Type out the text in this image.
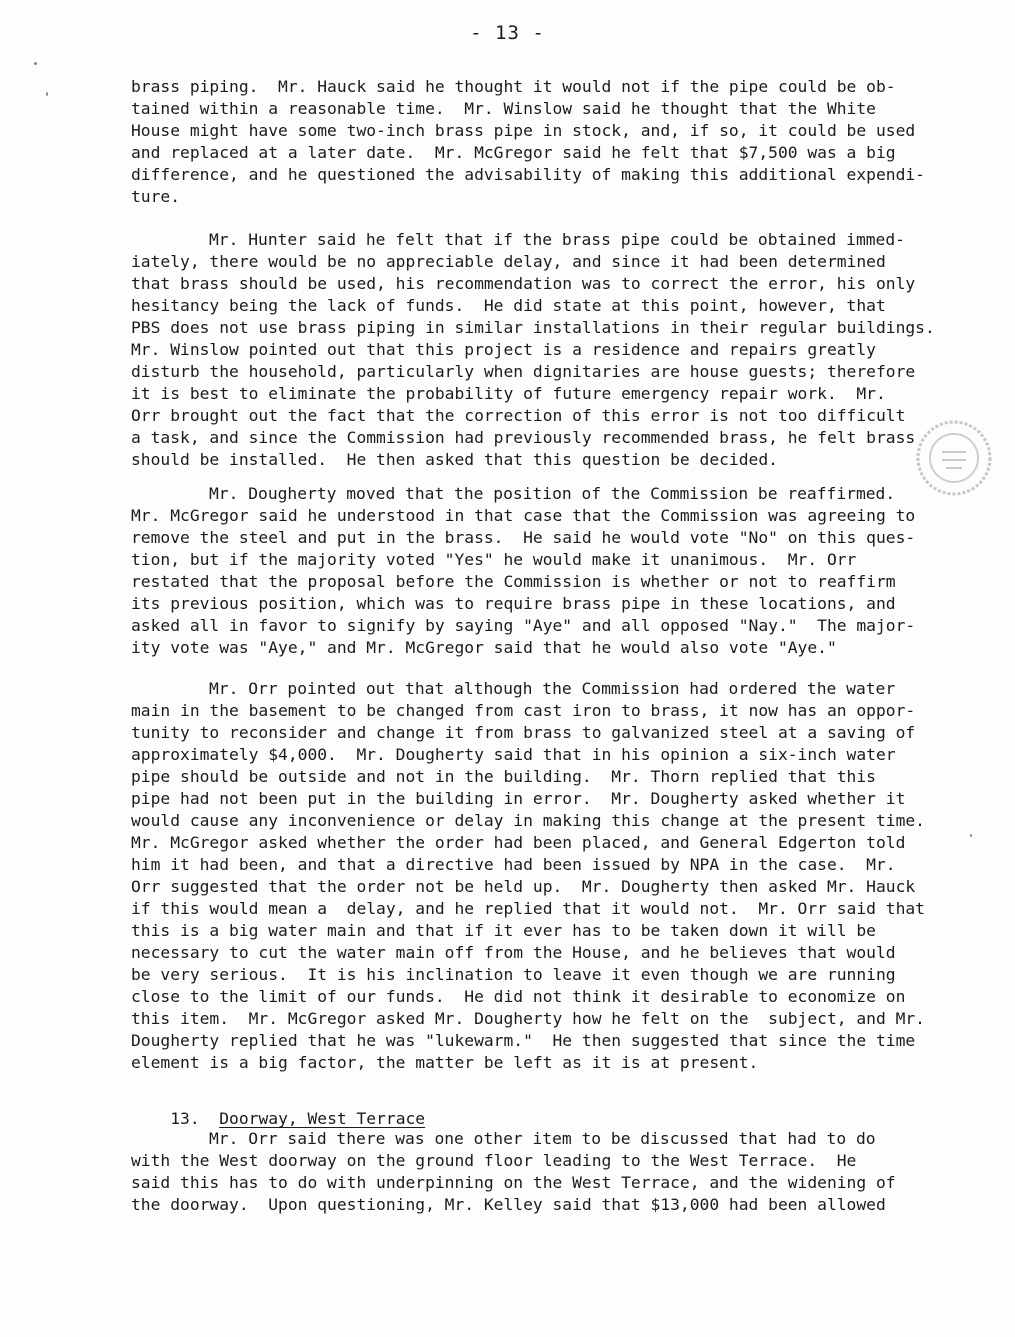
- 13 -
brass piping.  Mr. Hauck said he thought it would not if the pipe could be ob-
tained within a reasonable time.  Mr. Winslow said he thought that the White
House might have some two-inch brass pipe in stock, and, if so, it could be used
and replaced at a later date.  Mr. McGregor said he felt that $7,500 was a big
difference, and he questioned the advisability of making this additional expendi-
ture.
Mr. Hunter said he felt that if the brass pipe could be obtained immed-
iately, there would be no appreciable delay, and since it had been determined
that brass should be used, his recommendation was to correct the error, his only
hesitancy being the lack of funds.  He did state at this point, however, that
PBS does not use brass piping in similar installations in their regular buildings.
Mr. Winslow pointed out that this project is a residence and repairs greatly
disturb the household, particularly when dignitaries are house guests; therefore
it is best to eliminate the probability of future emergency repair work.  Mr.
Orr brought out the fact that the correction of this error is not too difficult
a task, and since the Commission had previously recommended brass, he felt brass
should be installed.  He then asked that this question be decided.
Mr. Dougherty moved that the position of the Commission be reaffirmed.
Mr. McGregor said he understood in that case that the Commission was agreeing to
remove the steel and put in the brass.  He said he would vote "No" on this ques-
tion, but if the majority voted "Yes" he would make it unanimous.  Mr. Orr
restated that the proposal before the Commission is whether or not to reaffirm
its previous position, which was to require brass pipe in these locations, and
asked all in favor to signify by saying "Aye" and all opposed "Nay."  The major-
ity vote was "Aye," and Mr. McGregor said that he would also vote "Aye."
Mr. Orr pointed out that although the Commission had ordered the water
main in the basement to be changed from cast iron to brass, it now has an oppor-
tunity to reconsider and change it from brass to galvanized steel at a saving of
approximately $4,000.  Mr. Dougherty said that in his opinion a six-inch water
pipe should be outside and not in the building.  Mr. Thorn replied that this
pipe had not been put in the building in error.  Mr. Dougherty asked whether it
would cause any inconvenience or delay in making this change at the present time.
Mr. McGregor asked whether the order had been placed, and General Edgerton told
him it had been, and that a directive had been issued by NPA in the case.  Mr.
Orr suggested that the order not be held up.  Mr. Dougherty then asked Mr. Hauck
if this would mean a  delay, and he replied that it would not.  Mr. Orr said that
this is a big water main and that if it ever has to be taken down it will be
necessary to cut the water main off from the House, and he believes that would
be very serious.  It is his inclination to leave it even though we are running
close to the limit of our funds.  He did not think it desirable to economize on
this item.  Mr. McGregor asked Mr. Dougherty how he felt on the  subject, and Mr.
Dougherty replied that he was "lukewarm."  He then suggested that since the time
element is a big factor, the matter be left as it is at present.

13. Doorway, West Terrace

Mr. Orr said there was one other item to be discussed that had to do
with the West doorway on the ground floor leading to the West Terrace.  He
said this has to do with underpinning on the West Terrace, and the widening of
the doorway.  Upon questioning, Mr. Kelley said that $13,000 had been allowed
